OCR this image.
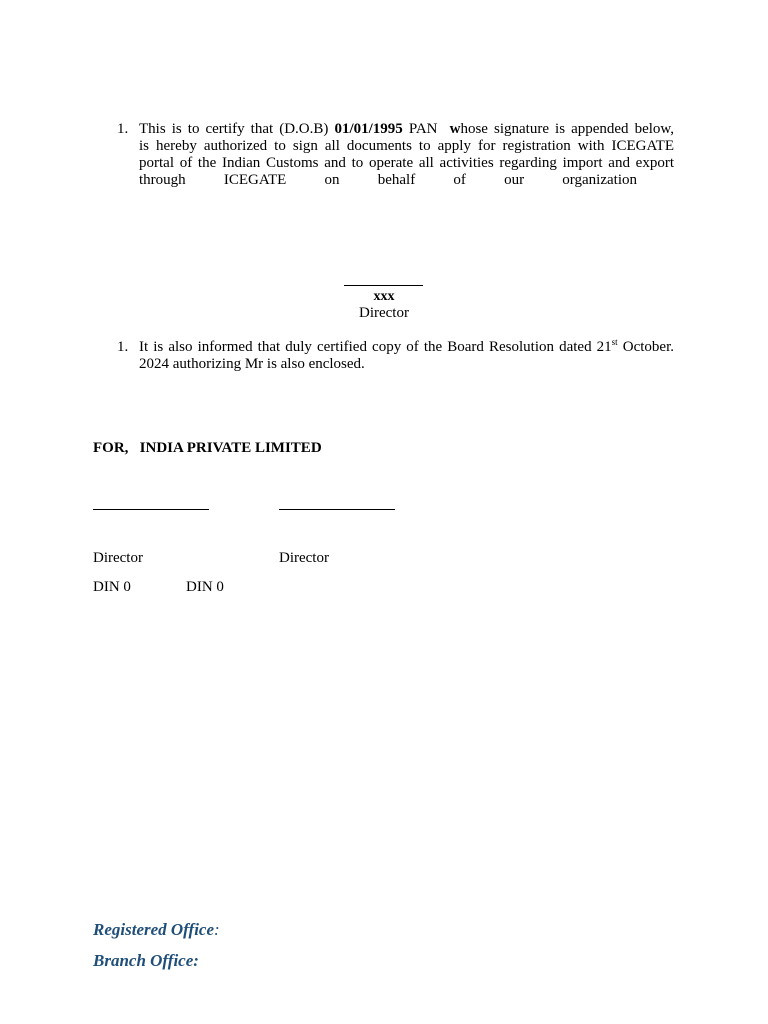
1. This is to certify that (D.O.B) 01/01/1995 PAN whose signature is appended below,
is hereby authorized to sign all documents to apply for registration with ICEGATE
portal of the Indian Customs and to operate all activities regarding import and export
through ICEGATE on behalf of our organization
xxx
Director
1. It is also informed that duly certified copy of the Board Resolution dated 21st October.
2024 authorizing Mr is also enclosed.
FOR,   INDIA PRIVATE LIMITED
Director	Director
DIN 0	DIN 0
Registered Office:
Branch Office:
